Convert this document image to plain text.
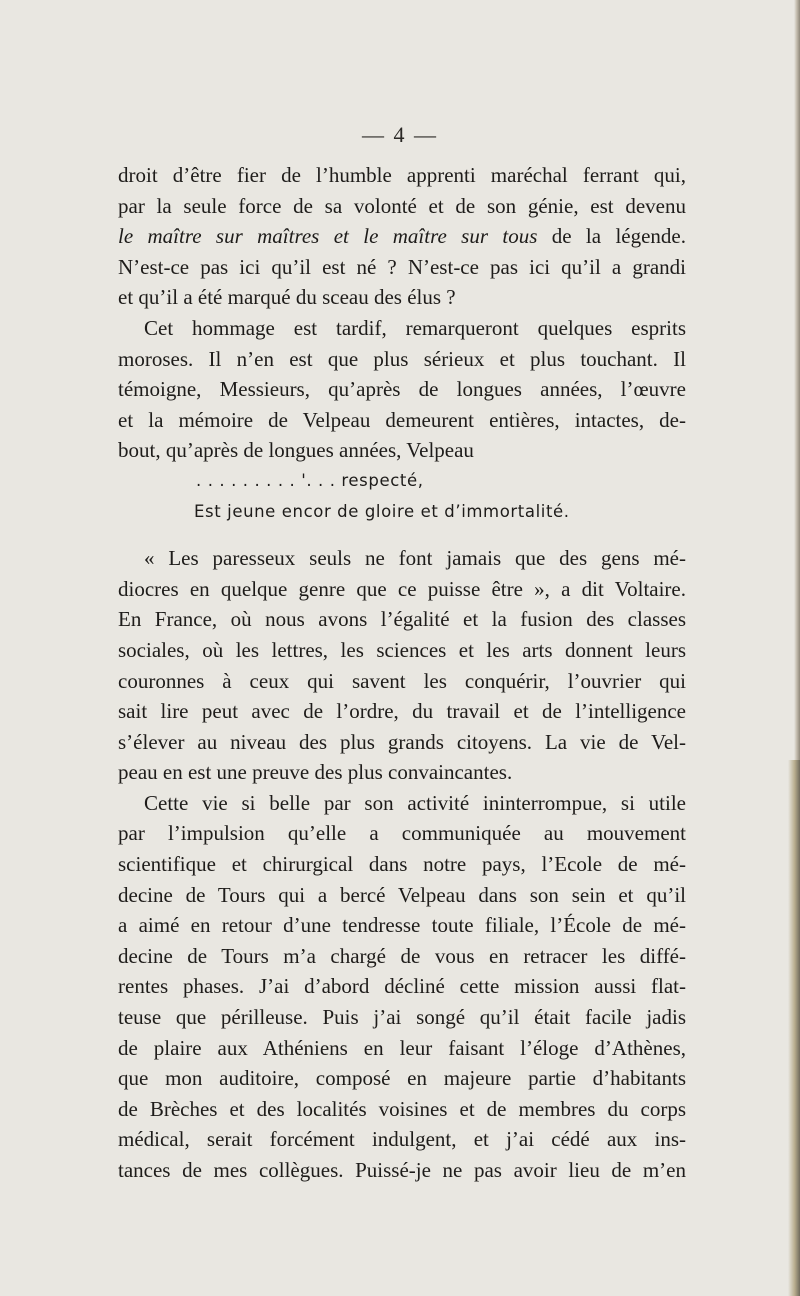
— 4 —
droit d’être fier de l’humble apprenti maréchal ferrant qui,
par la seule force de sa volonté et de son génie, est devenu
le maître sur maîtres et le maître sur tous de la légende.
N’est-ce pas ici qu’il est né ? N’est-ce pas ici qu’il a grandi
et qu’il a été marqué du sceau des élus ?
Cet hommage est tardif, remarqueront quelques esprits
moroses. Il n’en est que plus sérieux et plus touchant. Il
témoigne, Messieurs, qu’après de longues années, l’œuvre
et la mémoire de Velpeau demeurent entières, intactes, de-
bout, qu’après de longues années, Velpeau
. . . . . . . . . '. . . respecté,
Est jeune encor de gloire et d’immortalité.
« Les paresseux seuls ne font jamais que des gens mé-
diocres en quelque genre que ce puisse être », a dit Voltaire.
En France, où nous avons l’égalité et la fusion des classes
sociales, où les lettres, les sciences et les arts donnent leurs
couronnes à ceux qui savent les conquérir, l’ouvrier qui
sait lire peut avec de l’ordre, du travail et de l’intelligence
s’élever au niveau des plus grands citoyens. La vie de Vel-
peau en est une preuve des plus convaincantes.
Cette vie si belle par son activité ininterrompue, si utile
par l’impulsion qu’elle a communiquée au mouvement
scientifique et chirurgical dans notre pays, l’Ecole de mé-
decine de Tours qui a bercé Velpeau dans son sein et qu’il
a aimé en retour d’une tendresse toute filiale, l’École de mé-
decine de Tours m’a chargé de vous en retracer les diffé-
rentes phases. J’ai d’abord décliné cette mission aussi flat-
teuse que périlleuse. Puis j’ai songé qu’il était facile jadis
de plaire aux Athéniens en leur faisant l’éloge d’Athènes,
que mon auditoire, composé en majeure partie d’habitants
de Brèches et des localités voisines et de membres du corps
médical, serait forcément indulgent, et j’ai cédé aux ins-
tances de mes collègues. Puissé-je ne pas avoir lieu de m’en
